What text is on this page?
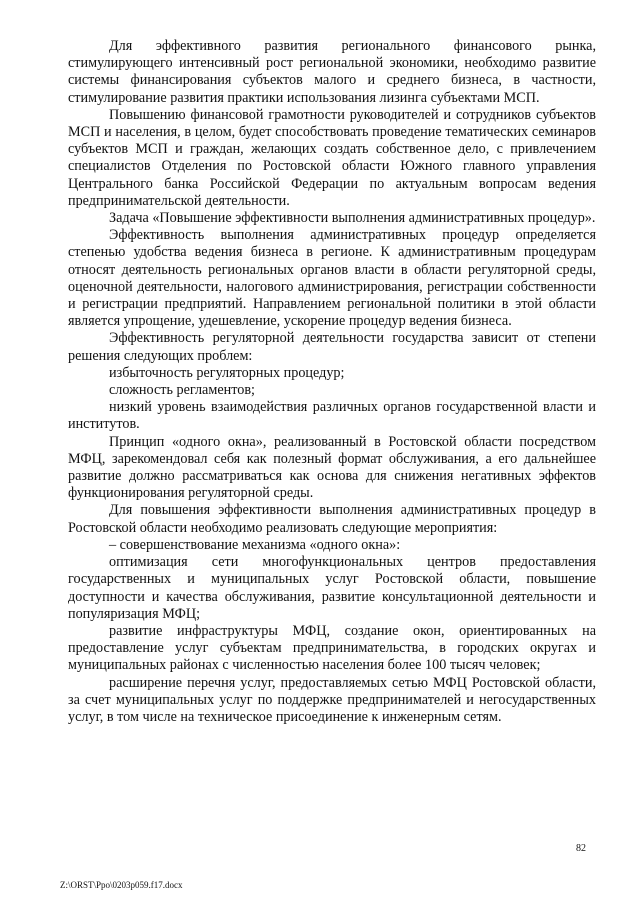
Для эффективного развития регионального финансового рынка, стимулирующего интенсивный рост региональной экономики, необходимо развитие системы финансирования субъектов малого и среднего бизнеса, в частности, стимулирование развития практики использования лизинга субъектами МСП.

Повышению финансовой грамотности руководителей и сотрудников субъектов МСП и населения, в целом, будет способствовать проведение тематических семинаров субъектов МСП и граждан, желающих создать собственное дело, с привлечением специалистов Отделения по Ростовской области Южного главного управления Центрального банка Российской Федерации по актуальным вопросам ведения предпринимательской деятельности.

Задача «Повышение эффективности выполнения административных процедур».

Эффективность выполнения административных процедур определяется степенью удобства ведения бизнеса в регионе. К административным процедурам относят деятельность региональных органов власти в области регуляторной среды, оценочной деятельности, налогового администрирования, регистрации собственности и регистрации предприятий. Направлением региональной политики в этой области является упрощение, удешевление, ускорение процедур ведения бизнеса.

Эффективность регуляторной деятельности государства зависит от степени решения следующих проблем:

избыточность регуляторных процедур;

сложность регламентов;

низкий уровень взаимодействия различных органов государственной власти и институтов.

Принцип «одного окна», реализованный в Ростовской области посредством МФЦ, зарекомендовал себя как полезный формат обслуживания, а его дальнейшее развитие должно рассматриваться как основа для снижения негативных эффектов функционирования регуляторной среды.

Для повышения эффективности выполнения административных процедур в Ростовской области необходимо реализовать следующие мероприятия:

– совершенствование механизма «одного окна»:

оптимизация сети многофункциональных центров предоставления государственных и муниципальных услуг Ростовской области, повышение доступности и качества обслуживания, развитие консультационной деятельности и популяризация МФЦ;

развитие инфраструктуры МФЦ, создание окон, ориентированных на предоставление услуг субъектам предпринимательства, в городских округах и муниципальных районах с численностью населения более 100 тысяч человек;

расширение перечня услуг, предоставляемых сетью МФЦ Ростовской области, за счет муниципальных услуг по поддержке предпринимателей и негосударственных услуг, в том числе на техническое присоединение к инженерным сетям.

82
Z:\ORST\Ppo\0203p059.f17.docx
